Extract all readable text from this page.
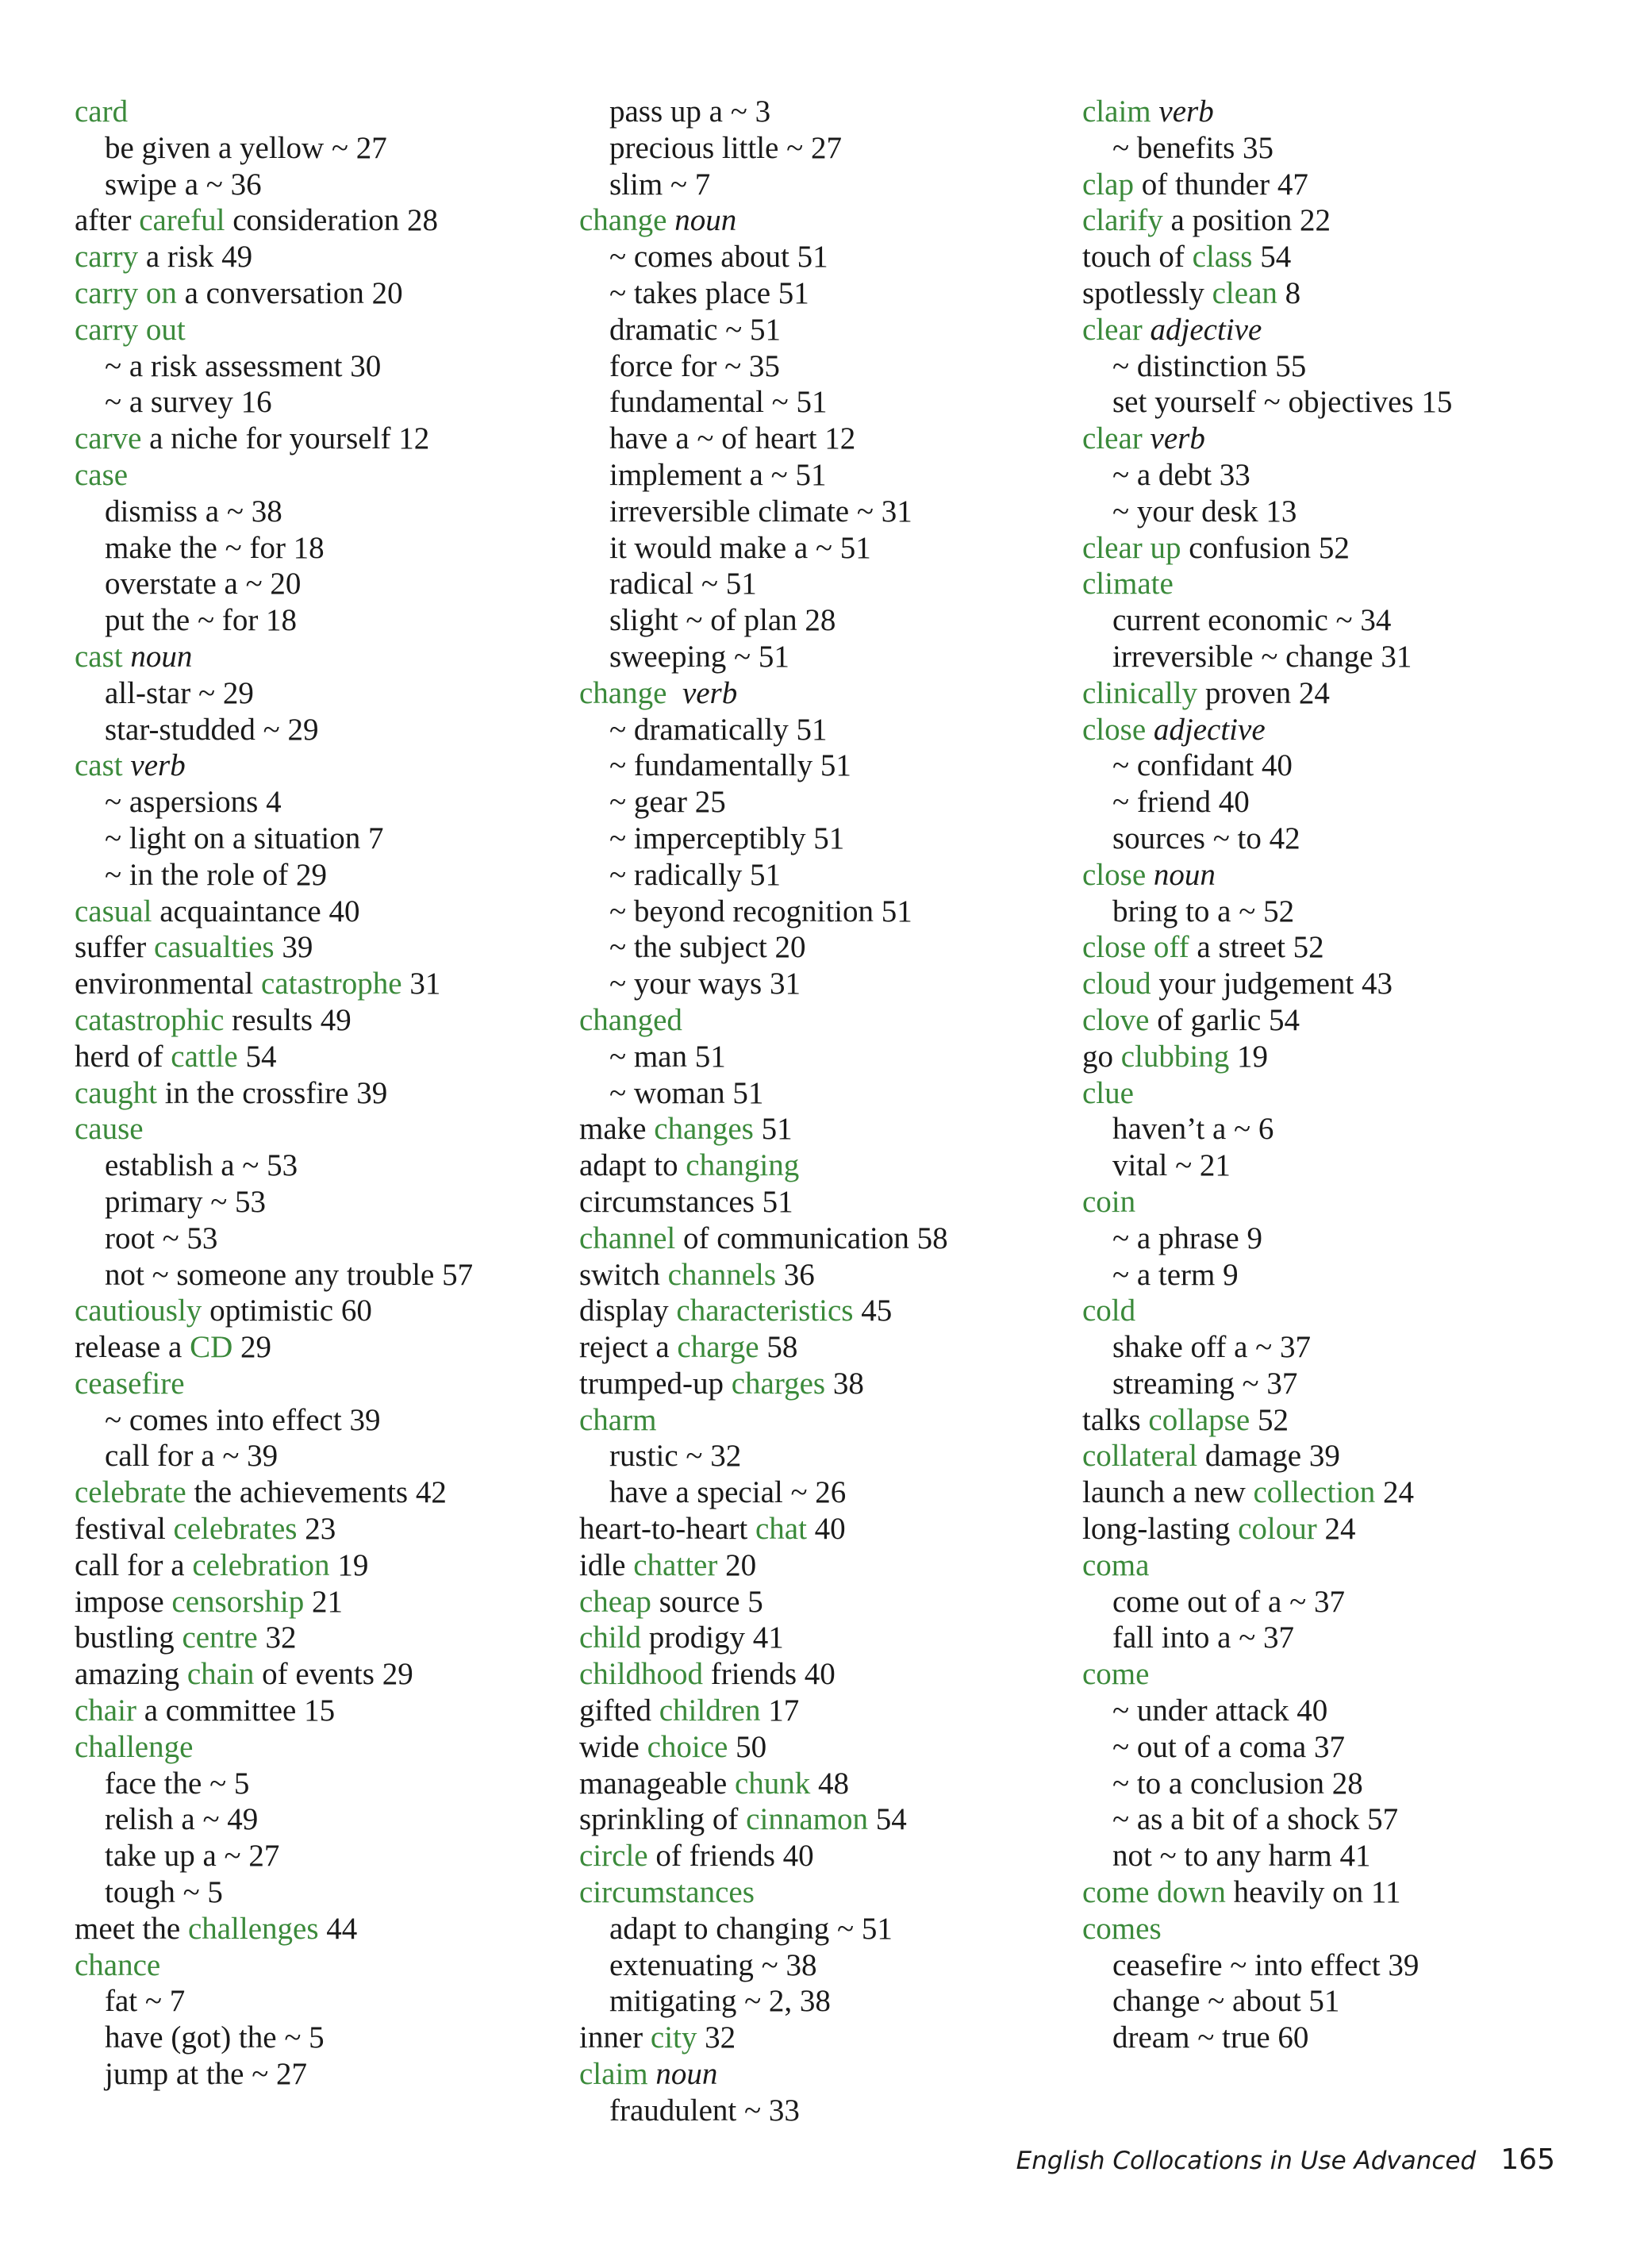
card
be given a yellow ~ 27
swipe a ~ 36
after careful consideration 28
carry a risk 49
carry on a conversation 20
carry out
~ a risk assessment 30
~ a survey 16
carve a niche for yourself 12
case
dismiss a ~ 38
make the ~ for 18
overstate a ~ 20
put the ~ for 18
cast noun
all-star ~ 29
star-studded ~ 29
cast verb
~ aspersions 4
~ light on a situation 7
~ in the role of 29
casual acquaintance 40
suffer casualties 39
environmental catastrophe 31
catastrophic results 49
herd of cattle 54
caught in the crossfire 39
cause
establish a ~ 53
primary ~ 53
root ~ 53
not ~ someone any trouble 57
cautiously optimistic 60
release a CD 29
ceasefire
~ comes into effect 39
call for a ~ 39
celebrate the achievements 42
festival celebrates 23
call for a celebration 19
impose censorship 21
bustling centre 32
amazing chain of events 29
chair a committee 15
challenge
face the ~ 5
relish a ~ 49
take up a ~ 27
tough ~ 5
meet the challenges 44
chance
fat ~ 7
have (got) the ~ 5
jump at the ~ 27
pass up a ~ 3
precious little ~ 27
slim ~ 7
change noun
~ comes about 51
~ takes place 51
dramatic ~ 51
force for ~ 35
fundamental ~ 51
have a ~ of heart 12
implement a ~ 51
irreversible climate ~ 31
it would make a ~ 51
radical ~ 51
slight ~ of plan 28
sweeping ~ 51
change  verb
~ dramatically 51
~ fundamentally 51
~ gear 25
~ imperceptibly 51
~ radically 51
~ beyond recognition 51
~ the subject 20
~ your ways 31
changed
~ man 51
~ woman 51
make changes 51
adapt to changing
circumstances 51
channel of communication 58
switch channels 36
display characteristics 45
reject a charge 58
trumped-up charges 38
charm
rustic ~ 32
have a special ~ 26
heart-to-heart chat 40
idle chatter 20
cheap source 5
child prodigy 41
childhood friends 40
gifted children 17
wide choice 50
manageable chunk 48
sprinkling of cinnamon 54
circle of friends 40
circumstances
adapt to changing ~ 51
extenuating ~ 38
mitigating ~ 2, 38
inner city 32
claim noun
fraudulent ~ 33
claim verb
~ benefits 35
clap of thunder 47
clarify a position 22
touch of class 54
spotlessly clean 8
clear adjective
~ distinction 55
set yourself ~ objectives 15
clear verb
~ a debt 33
~ your desk 13
clear up confusion 52
climate
current economic ~ 34
irreversible ~ change 31
clinically proven 24
close adjective
~ confidant 40
~ friend 40
sources ~ to 42
close noun
bring to a ~ 52
close off a street 52
cloud your judgement 43
clove of garlic 54
go clubbing 19
clue
haven’t a ~ 6
vital ~ 21
coin
~ a phrase 9
~ a term 9
cold
shake off a ~ 37
streaming ~ 37
talks collapse 52
collateral damage 39
launch a new collection 24
long-lasting colour 24
coma
come out of a ~ 37
fall into a ~ 37
come
~ under attack 40
~ out of a coma 37
~ to a conclusion 28
~ as a bit of a shock 57
not ~ to any harm 41
come down heavily on 11
comes
ceasefire ~ into effect 39
change ~ about 51
dream ~ true 60
English Collocations in Use Advanced 165
